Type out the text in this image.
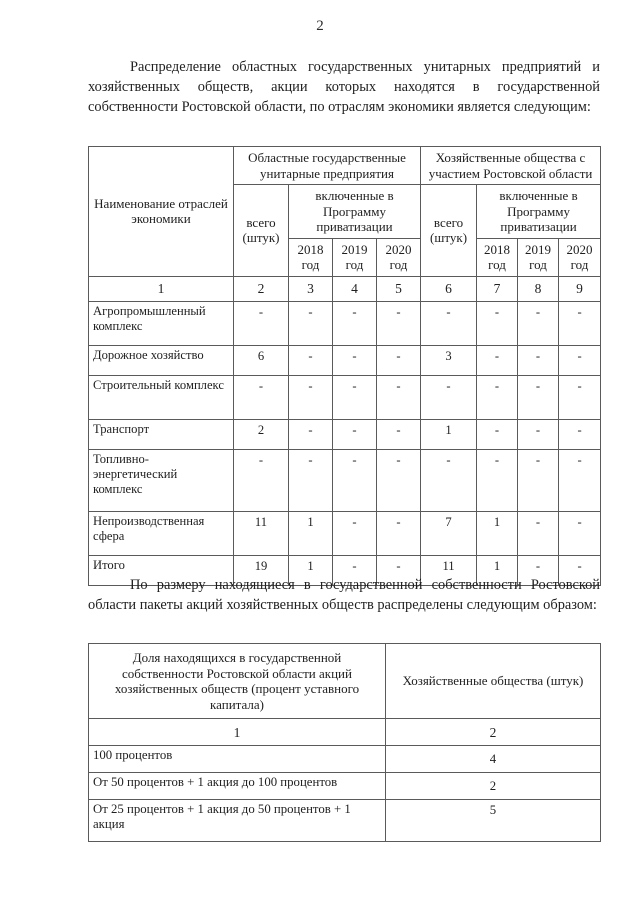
2
Распределение областных государственных унитарных предприятий и хозяйственных обществ, акции которых находятся в государственной собственности Ростовской области, по отраслям экономики является следующим:
Наименование отраслей экономики	Областные государственные унитарные предприятия				Хозяйственные общества с участием Ростовской области			
	всего (штук)	включенные в Программу приватизации			всего (штук)	включенные в Программу приватизации		
		2018 год	2019 год	2020 год		2018 год	2019 год	2020 год
1	2	3	4	5	6	7	8	9
Агропромышленный комплекс	-	-	-	-	-	-	-	-
Дорожное хозяйство	6	-	-	-	3	-	-	-
Строительный комплекс	-	-	-	-	-	-	-	-
Транспорт	2	-	-	-	1	-	-	-
Топливно-энергетический комплекс	-	-	-	-	-	-	-	-
Непроизводственная сфера	11	1	-	-	7	1	-	-
Итого	19	1	-	-	11	1	-	-
По размеру находящиеся в государственной собственности Ростовской области пакеты акций хозяйственных обществ распределены следующим образом:
Доля находящихся в государственной собственности Ростовской области акций хозяйственных обществ (процент уставного капитала)	Хозяйственные общества (штук)
1	2
100 процентов	4
От 50 процентов + 1 акция до 100 процентов	2
От 25 процентов + 1 акция до 50 процентов + 1 акция	5
